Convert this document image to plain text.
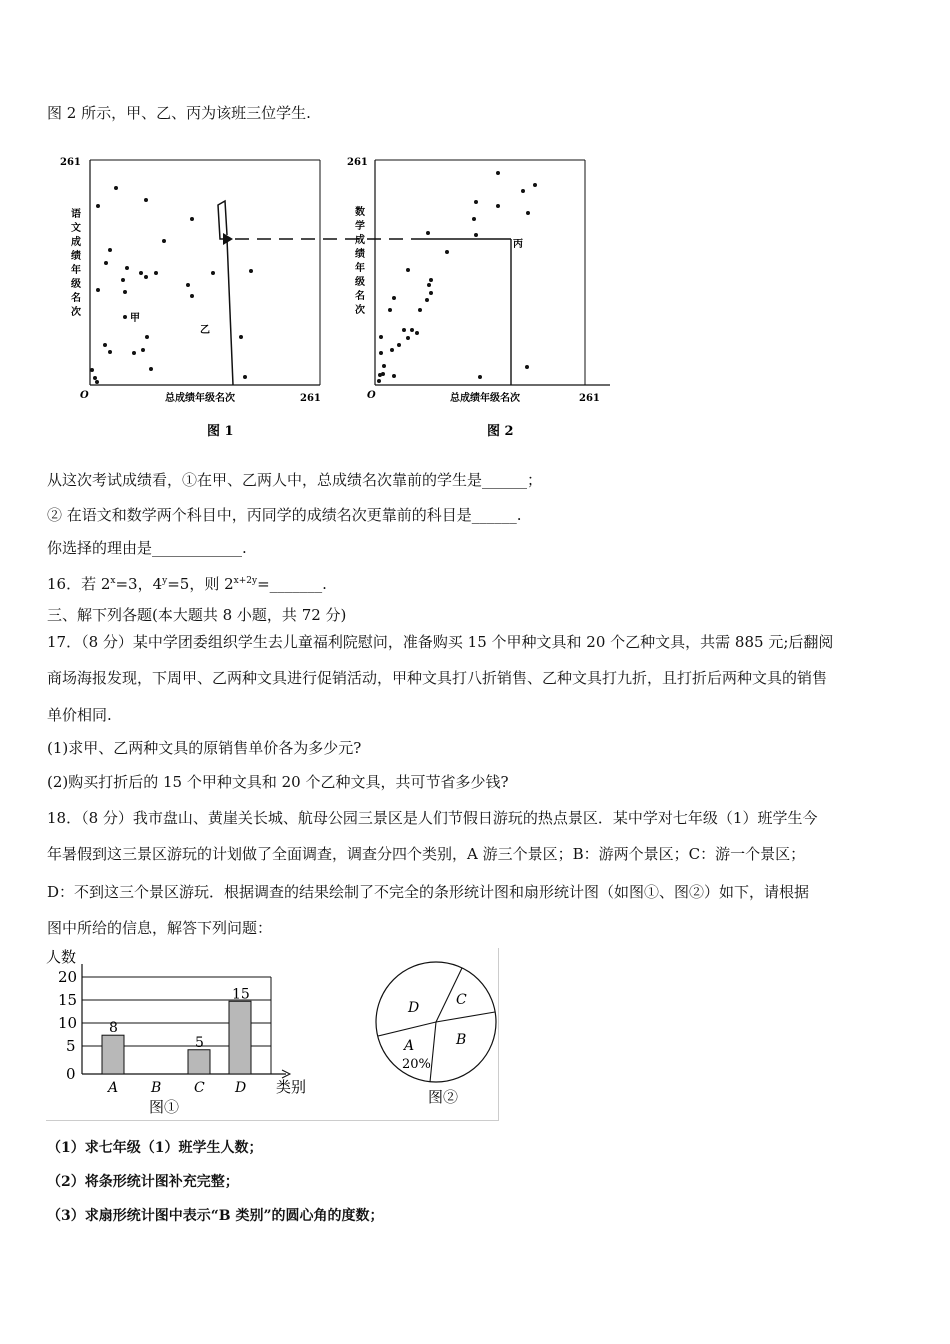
图 2 所示，甲、乙、丙为该班三位学生.
261
O
语
文
成
绩
年
级
名
次
总成绩年级名次	261
图 1
甲
乙
261
O
数
学
成
绩
年
级
名
次
总成绩年级名次	261
图 2
丙
从这次考试成绩看，①在甲、乙两人中，总成绩名次靠前的学生是______；
② 在语文和数学两个科目中，丙同学的成绩名次更靠前的科目是______.
你选择的理由是____________.
16．若 $2^x=3$，$4^y=5$，则 $2^{x+2y}=\_\_\_\_\_\_\_$.
三、解下列各题(本大题共 8 小题，共 72 分)
17．（8 分）某中学团委组织学生去儿童福利院慰问，准备购买 15 个甲种文具和 20 个乙种文具，共需 885 元;后翻阅
商场海报发现，下周甲、乙两种文具进行促销活动，甲种文具打八折销售、乙种文具打九折，且打折后两种文具的销售
单价相同.
(1)求甲、乙两种文具的原销售单价各为多少元?
(2)购买打折后的 15 个甲种文具和 20 个乙种文具，共可节省多少钱?
18．（8 分）我市盘山、黄崖关长城、航母公园三景区是人们节假日游玩的热点景区．某中学对七年级（1）班学生今
年暑假到这三景区游玩的计划做了全面调查，调查分四个类别，A 游三个景区；B：游两个景区；C：游一个景区；
D：不到这三个景区游玩．根据调查的结果绘制了不完全的条形统计图和扇形统计图（如图①、图②）如下，请根据
图中所给的信息，解答下列问题：
人数
20
15
10
5
0
8
5
15
A B C D 类别
图①
D	C
B
A
20%
图②
（1）求七年级（1）班学生人数；
（2）将条形统计图补充完整；
（3）求扇形统计图中表示“B 类别”的圆心角的度数；
